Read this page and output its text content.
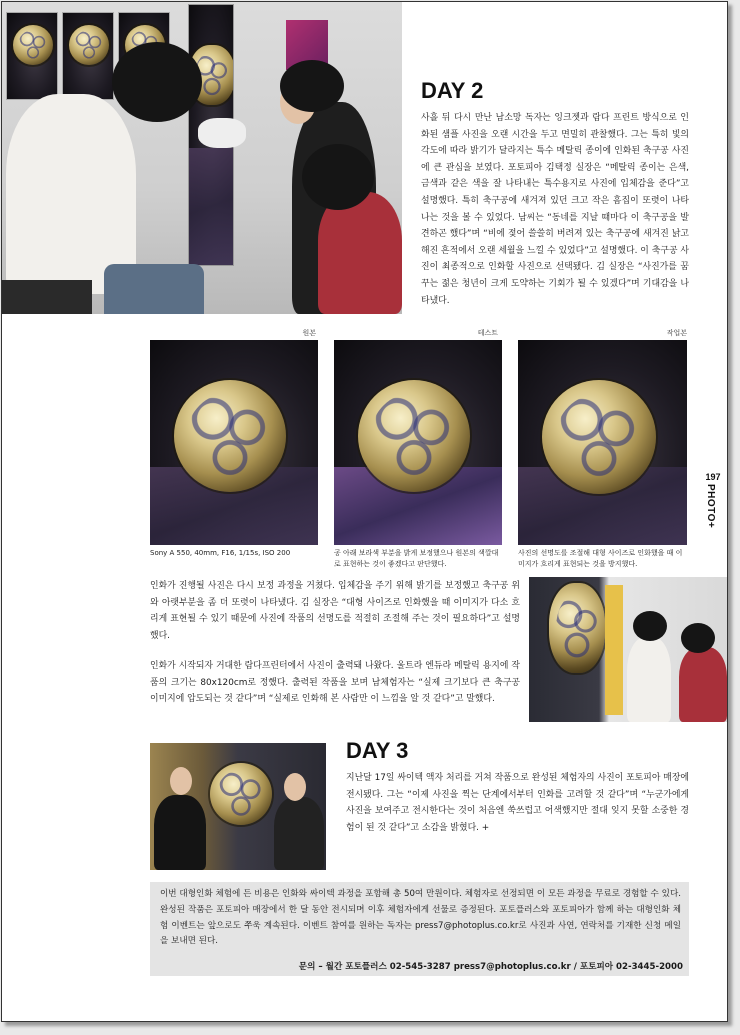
DAY 2
사흘 뒤 다시 만난 남소망 독자는 잉크젯과 람다 프린트 방식으로 인화된 샘플 사진을 오랜 시간을 두고 면밀히 관찰했다. 그는 특히 빛의 각도에 따라 밝기가 달라지는 특수 메탈릭 종이에 인화된 축구공 사진에 큰 관심을 보였다. 포토피아 김택정 실장은 “메탈릭 종이는 은색, 금색과 같은 색을 잘 나타내는 특수용지로 사진에 입체감을 준다”고 설명했다. 특히 축구공에 새겨져 있던 크고 작은 흠집이 또렷이 나타나는 것을 볼 수 있었다. 남씨는 “동네를 지날 때마다 이 축구공을 발견하곤 했다”며 “비에 젖어 쓸쓸히 버려져 있는 축구공에 새겨진 낡고 해진 흔적에서 오랜 세월을 느낄 수 있었다”고 설명했다. 이 축구공 사진이 최종적으로 인화할 사진으로 선택됐다. 김 실장은 “사진가를 꿈꾸는 젊은 청년이 크게 도약하는 기회가 될 수 있겠다”며 기대감을 나타냈다.
원본	테스트	작업본
Sony A 550, 40mm, F16, 1/15s, ISO 200	공 아래 보라색 부분을 밝게 보정했으나 원본의 색깔대로 표현하는 것이 좋겠다고 판단했다.
사진의 선명도를 조절해 대형 사이즈로 인화했을 때 이미지가 흐리게 표현되는 것을 방지했다.
197
PHOTO+
인화가 진행될 사진은 다시 보정 과정을 거쳤다. 입체감을 주기 위해 밝기를 보정했고 축구공 위와 아랫부분을 좀 더 또렷이 나타냈다. 김 실장은 “대형 사이즈로 인화했을 때 이미지가 다소 흐리게 표현될 수 있기 때문에 사진에 작품의 선명도를 적절히 조절해 주는 것이 필요하다”고 설명했다.
인화가 시작되자 거대한 람다프린터에서 사진이 출력돼 나왔다. 울트라 엔듀라 메탈릭 용지에 작품의 크기는 80x120cm로 정했다. 출력된 작품을 보며 남체험자는 “실제 크기보다 큰 축구공 이미지에 압도되는 것 같다”며 “실제로 인화해 본 사람만 이 느낌을 알 것 같다”고 말했다.
DAY 3
지난달 17일 싸이텍 액자 처리를 거쳐 작품으로 완성된 체험자의 사진이 포토피아 매장에 전시됐다. 그는 “이제 사진을 찍는 단계에서부터 인화를 고려할 것 같다”며 “누군가에게 사진을 보여주고 전시한다는 것이 처음엔 쑥쓰럽고 어색했지만 절대 잊지 못할 소중한 경험이 된 것 같다”고 소감을 밝혔다. +
이번 대형인화 체험에 든 비용은 인화와 싸이텍 과정을 포함해 총 50여 만원이다. 체험자로 선정되면 이 모든 과정을 무료로 경험할 수 있다. 완성된 작품은 포토피아 매장에서 한 달 동안 전시되며 이후 체험자에게 선물로 증정된다. 포토플러스와 포토피아가 함께 하는 대형인화 체험 이벤트는 앞으로도 쭈욱 계속된다. 이벤트 참여를 원하는 독자는 press7@photoplus.co.kr로 사진과 사연, 연락처를 기재한 신청 메일을 보내면 된다.
문의 – 월간 포토플러스 02-545-3287 press7@photoplus.co.kr / 포토피아 02-3445-2000
